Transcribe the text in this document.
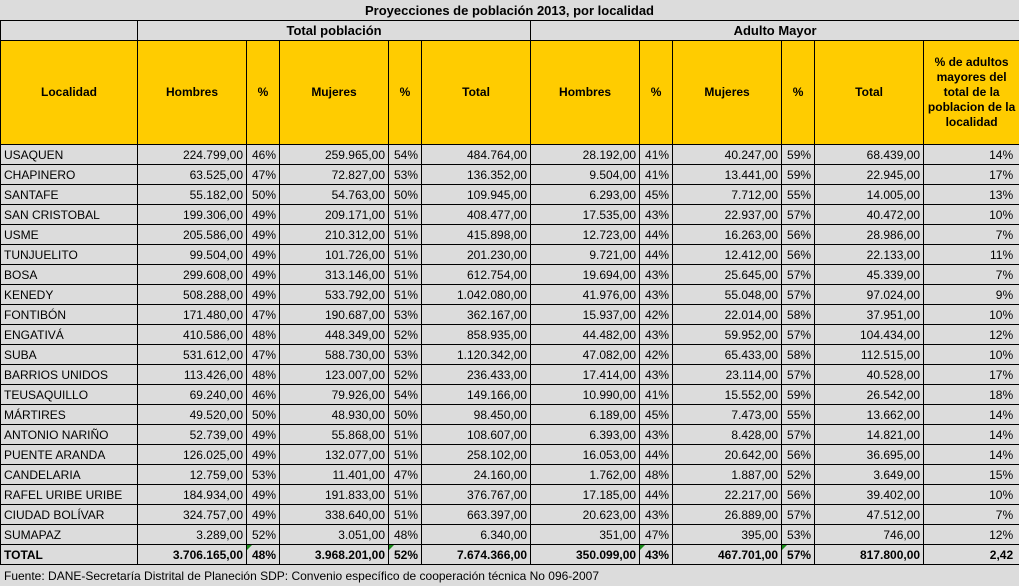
Proyecciones de población 2013, por localidad
	Total población					Adulto Mayor					
Localidad	Hombres	%	Mujeres	%	Total	Hombres	%	Mujeres	%	Total	% de adultos mayores del total de la poblacion de la localidad
USAQUEN	224.799,00	46%	259.965,00	54%	484.764,00	28.192,00	41%	40.247,00	59%	68.439,00	14%
CHAPINERO	63.525,00	47%	72.827,00	53%	136.352,00	9.504,00	41%	13.441,00	59%	22.945,00	17%
SANTAFE	55.182,00	50%	54.763,00	50%	109.945,00	6.293,00	45%	7.712,00	55%	14.005,00	13%
SAN CRISTOBAL	199.306,00	49%	209.171,00	51%	408.477,00	17.535,00	43%	22.937,00	57%	40.472,00	10%
USME	205.586,00	49%	210.312,00	51%	415.898,00	12.723,00	44%	16.263,00	56%	28.986,00	7%
TUNJUELITO	99.504,00	49%	101.726,00	51%	201.230,00	9.721,00	44%	12.412,00	56%	22.133,00	11%
BOSA	299.608,00	49%	313.146,00	51%	612.754,00	19.694,00	43%	25.645,00	57%	45.339,00	7%
KENEDY	508.288,00	49%	533.792,00	51%	1.042.080,00	41.976,00	43%	55.048,00	57%	97.024,00	9%
FONTIBÓN	171.480,00	47%	190.687,00	53%	362.167,00	15.937,00	42%	22.014,00	58%	37.951,00	10%
ENGATIVÁ	410.586,00	48%	448.349,00	52%	858.935,00	44.482,00	43%	59.952,00	57%	104.434,00	12%
SUBA	531.612,00	47%	588.730,00	53%	1.120.342,00	47.082,00	42%	65.433,00	58%	112.515,00	10%
BARRIOS UNIDOS	113.426,00	48%	123.007,00	52%	236.433,00	17.414,00	43%	23.114,00	57%	40.528,00	17%
TEUSAQUILLO	69.240,00	46%	79.926,00	54%	149.166,00	10.990,00	41%	15.552,00	59%	26.542,00	18%
MÁRTIRES	49.520,00	50%	48.930,00	50%	98.450,00	6.189,00	45%	7.473,00	55%	13.662,00	14%
ANTONIO NARIÑO	52.739,00	49%	55.868,00	51%	108.607,00	6.393,00	43%	8.428,00	57%	14.821,00	14%
PUENTE ARANDA	126.025,00	49%	132.077,00	51%	258.102,00	16.053,00	44%	20.642,00	56%	36.695,00	14%
CANDELARIA	12.759,00	53%	11.401,00	47%	24.160,00	1.762,00	48%	1.887,00	52%	3.649,00	15%
RAFEL URIBE URIBE	184.934,00	49%	191.833,00	51%	376.767,00	17.185,00	44%	22.217,00	56%	39.402,00	10%
CIUDAD BOLÍVAR	324.757,00	49%	338.640,00	51%	663.397,00	20.623,00	43%	26.889,00	57%	47.512,00	7%
SUMAPAZ	3.289,00	52%	3.051,00	48%	6.340,00	351,00	47%	395,00	53%	746,00	12%
TOTAL	3.706.165,00	48%	3.968.201,00	52%	7.674.366,00	350.099,00	43%	467.701,00	57%	817.800,00	2,42
Fuente: DANE-Secretaría Distrital de Planeción SDP: Convenio específico de cooperación técnica No 096-2007
